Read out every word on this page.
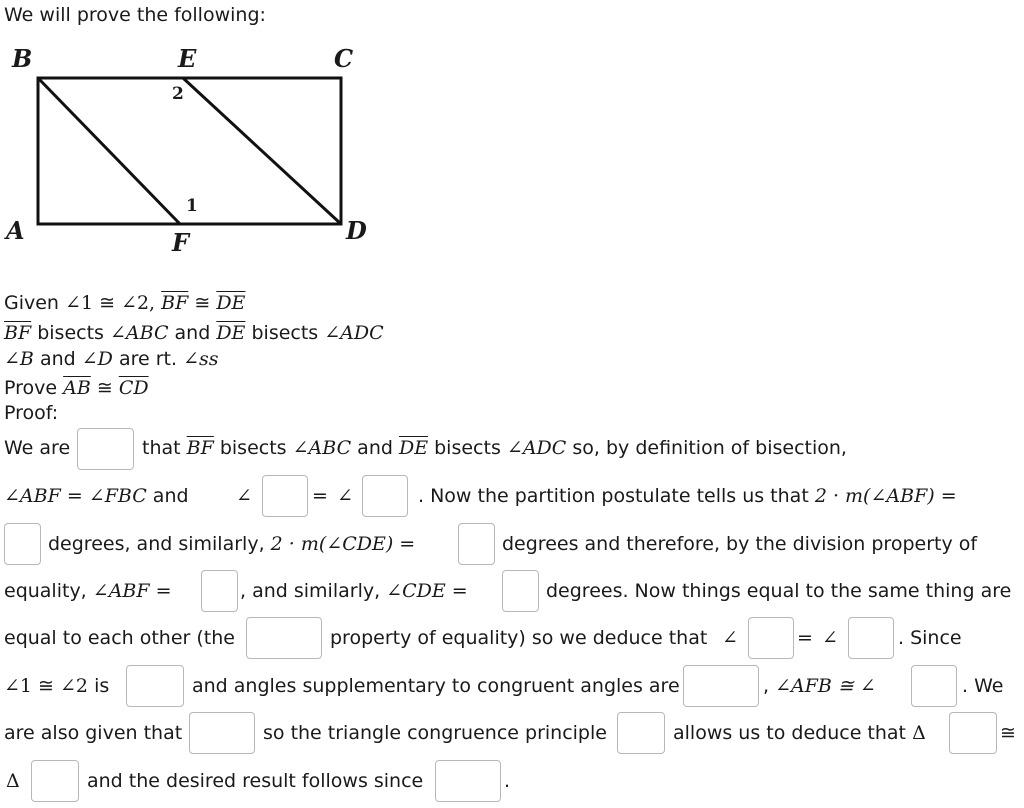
We will prove the following:
B	E	C
A	F	D
2
1
Given ∠1 ≅ ∠2, $\overline{BF}$ ≅ $\overline{DE}$
$\overline{BF}$ bisects ∠ABC and $\overline{DE}$ bisects ∠ADC
∠B and ∠D are rt. ∠ss
Prove $\overline{AB}$ ≅ $\overline{CD}$
Proof:
We are	that $\overline{BF}$ bisects ∠ABC and $\overline{DE}$ bisects ∠ADC so, by definition of bisection,
∠ABF = ∠FBC and ∠	= ∠	. Now the partition postulate tells us that 2 · m(∠ABF) =
degrees, and similarly, 2 · m(∠CDE) =	degrees and therefore, by the division property of
equality, ∠ABF =	, and similarly, ∠CDE =	degrees. Now things equal to the same thing are
equal to each other (the	property of equality) so we deduce that ∠	= ∠	. Since
∠1 ≅ ∠2 is	and angles supplementary to congruent angles are	, ∠AFB ≅ ∠	. We
are also given that	so the triangle congruence principle	allows us to deduce that Δ	≅
Δ	and the desired result follows since	.
